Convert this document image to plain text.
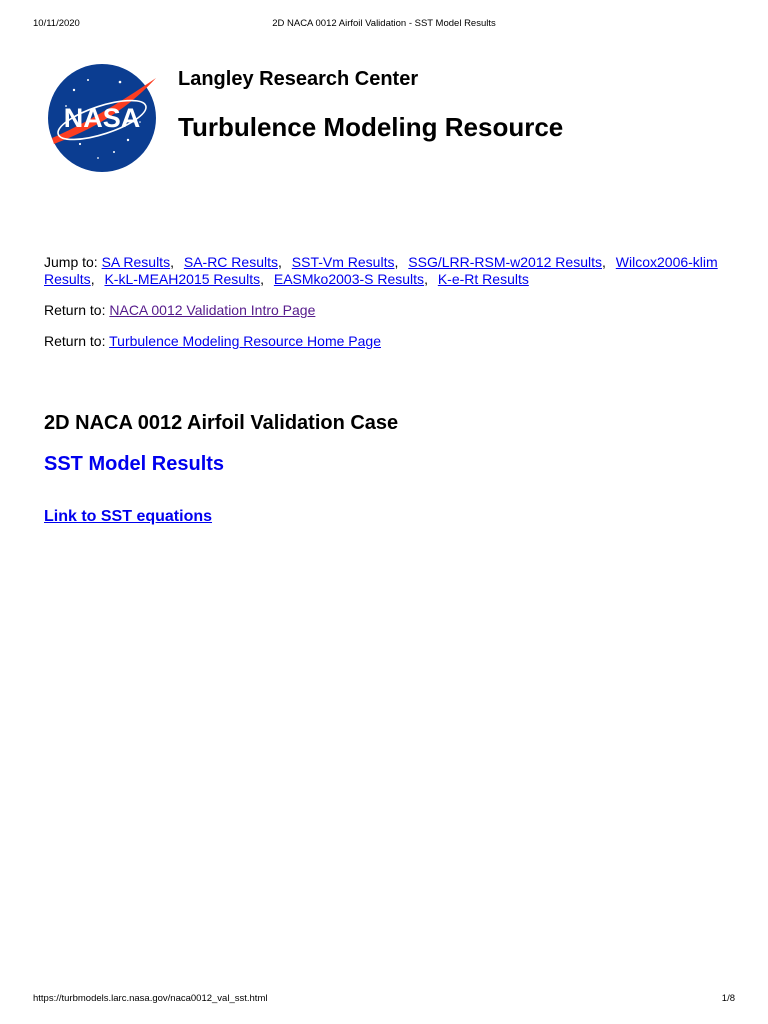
10/11/2020	2D NACA 0012 Airfoil Validation - SST Model Results
NASA
Langley Research Center
Turbulence Modeling Resource

Jump to: SA Results, SA-RC Results, SST-Vm Results, SSG/LRR-RSM-w2012 Results, Wilcox2006-klim Results, K-kL-MEAH2015 Results, EASMko2003-S Results, K-e-Rt Results

Return to: NACA 0012 Validation Intro Page

Return to: Turbulence Modeling Resource Home Page

2D NACA 0012 Airfoil Validation Case
SST Model Results
Link to SST equations
https://turbmodels.larc.nasa.gov/naca0012_val_sst.html	1/8
